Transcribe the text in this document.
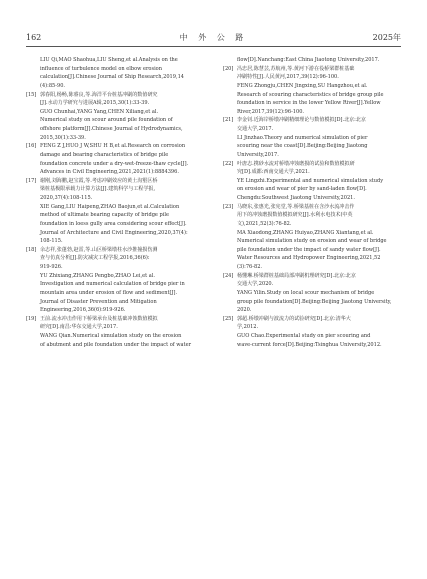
162	中 外 公 路	2025年

LIU Qi,MAO Shaohua,LIU Sheng,et al.Analysis on the

influence of turbulence model on elbow erosion

calculation[J].Chinese Journal of Ship Research,2019,14

(4):85-90.

[15] 郭春阳,杨畅,陈睿良,等.海洋平台桩基冲刷的数值研究

[J].水动力学研究与进展A辑,2015,30(1):33-39.

GUO Chunhai,YANG Yang,CHEN Xiliang,et al.

Numerical study on scour around pile foundation of

offshore platform[J].Chinese Journal of Hydrodynamics,

2015,30(1):33-39.

[16] FENG Z J,HUO J W,SHU H B,et al.Research on corrosion

damage and bearing characteristics of bridge pile

foundation concrete under a dry-wet-freeze-thaw cycle[J].

Advances in Civil Engineering,2021,2021(1):8884396.

[17] 谢刚,刘海鹏,赵宝霞,等.考虑冲刷效应的黄土沟壑区桥

梁桩基极限承载力计算方法[J].建筑科学与工程学报,

2020,37(4):108-115.

XIE Gang,LIU Haipeng,ZHAO Baojun,et al.Calculation

method of ultimate bearing capacity of bridge pile

foundation in loess gully area considering scour effect[J].

Journal of Architecture and Civil Engineering,2020,37(4):

108-115.

[18] 余志祥,张蓬勃,赵雷,等.山区桥梁墩柱水沙推撞损伤测

查与仿真分析[J].防灾减灾工程学报,2016,36(6):

919-926.

YU Zhixiang,ZHANG Pengbo,ZHAO Lei,et al.

Investigation and numerical calculation of bridge pier in

mountain area under erosion of flow and sediment[J].

Journal of Disaster Prevention and Mitigation

Engineering,2016,36(6):919-926.

[19] 王前.流水冲击作用下桥梁承台及桩基础冲蚀数值模拟

研究[D].南昌:华东交通大学,2017.

WANG Qian.Numerical simulation study on the erosion

of abutment and pile foundation under the impact of water

flow[D].Nanchang:East China Jiaotong University,2017.

[20] 冯忠居,陈慧芸,苏航州,等.黄河下游在役桥梁群桩基础

冲刷特性[J].人民黄河,2017,39(12):96-100.

FENG Zhongju,CHEN Jingxing,SU Hangzhou,et al.

Research of scouring characteristics of bridge group pile

foundation in service in the lower Yellow River[J].Yellow

River,2017,39(12):96-100.

[21] 李金钊.近海岸桥墩冲刷精细理论与数值模拟[D].北京:北京

交通大学,2017.

LI Jinzhao.Theory and numerical simulation of pier

scouring near the coast[D].Beijing:Beijing Jiaotong

University,2017.

[22] 叶唐志.携砂水流对桥墩冲蚀磨损的试验和数值模拟研

究[D].成都:西南交通大学,2021.

YE Lingzhi.Experimental and numerical simulation study

on erosion and wear of pier by sand-laden flow[D].

Chengdu:Southwest Jiaotong University,2021.

[23] 马晓东,张惠光,张宪堂,等.桥梁基桩在含沙水流冲击作

用下的冲蚀磨损数值模拟研究[J].水利水电技术(中英

文),2021,52(3):76-82.

MA Xiaodong,ZHANG Huiyao,ZHANG Xiantang,et al.

Numerical simulation study on erosion and wear of bridge

pile foundation under the impact of sandy water flow[J].

Water Resources and Hydropower Engineering,2021,52

(3):76-82.

[24] 杨懂琳.桥梁群桩基础局部冲刷机理研究[D].北京:北京

交通大学,2020.

YANG Yilin.Study on local scour mechanism of bridge

group pile foundation[D].Beijing:Beijing Jiaotong University,

2020.

[25] 郭超.桥墩冲刷与波流力的试验研究[D].北京:清华大

学,2012.

GUO Chao.Experimental study on pier scouring and

wave-current force[D].Beijing:Tsinghua University,2012.
